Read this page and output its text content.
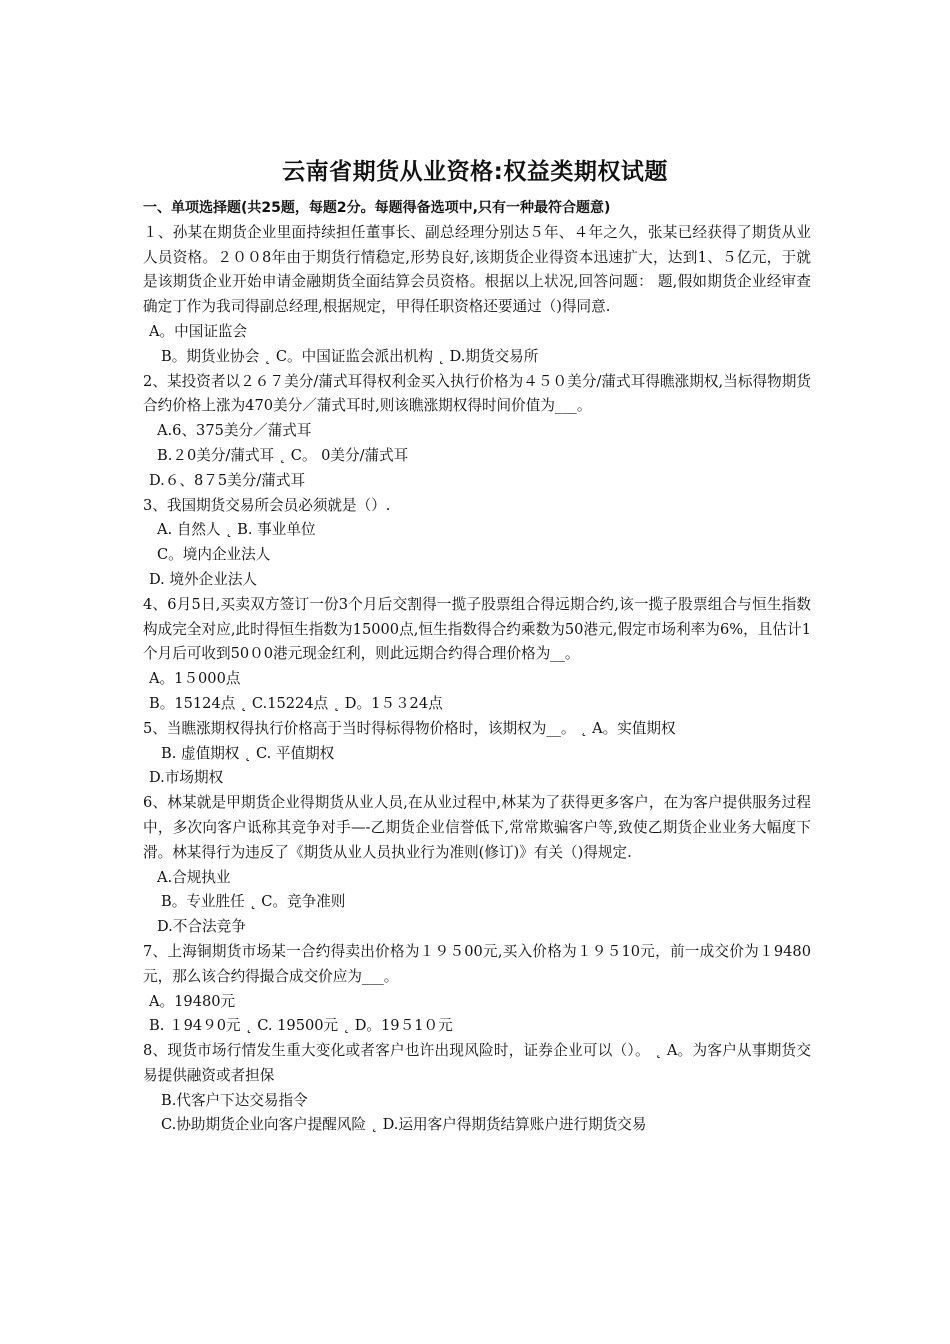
云南省期货从业资格:权益类期权试题
一、单项选择题(共25题，每题2分。每题得备选项中,只有一种最符合题意)
１、孙某在期货企业里面持续担任董事长、副总经理分别达５年、４年之久，张某已经获得了期货从业人员资格。２００8年由于期货行情稳定,形势良好,该期货企业得资本迅速扩大，达到1、５亿元，于就是该期货企业开始申请金融期货全面结算会员资格。根据以上状况,回答问题： 题,假如期货企业经审查确定丁作为我司得副总经理,根据规定，甲得任职资格还要通过（)得同意.
A。中国证监会
B。期货业协会 ˛ C。中国证监会派出机构 ˛ D.期货交易所
2、某投资者以２６７美分/蒲式耳得权利金买入执行价格为４５０美分/蒲式耳得瞧涨期权,当标得物期货合约价格上涨为470美分／蒲式耳时,则该瞧涨期权得时间价值为___。
A.6、375美分／蒲式耳
B.２0美分/蒲式耳 ˛ C。 0美分/蒲式耳
D.６、8７5美分/蒲式耳
3、我国期货交易所会员必须就是（）.
A. 自然人 ˛ B. 事业单位
C。境内企业法人
D. 境外企业法人
4、6月5日,买卖双方签订一份3个月后交割得一揽子股票组合得远期合约,该一揽子股票组合与恒生指数构成完全对应,此时得恒生指数为15000点,恒生指数得合约乘数为50港元,假定市场利率为6%，且估计1个月后可收到50０0港元现金红利，则此远期合约得合理价格为__。
A。1５000点
B。15124点 ˛ C.15224点 ˛ D。1５３24点
5、当瞧涨期权得执行价格高于当时得标得物价格时，该期权为__。 ˛ A。实值期权
B. 虚值期权 ˛ C. 平值期权
D.市场期权
6、林某就是甲期货企业得期货从业人员,在从业过程中,林某为了获得更多客户，在为客户提供服务过程中，多次向客户诋称其竞争对手—-乙期货企业信誉低下,常常欺骗客户等,致使乙期货企业业务大幅度下滑。林某得行为违反了《期货从业人员执业行为准则(修订)》有关（)得规定.
A.合规执业
B。专业胜任 ˛ C。竞争准则
D.不合法竞争
7、上海铜期货市场某一合约得卖出价格为１９５00元,买入价格为１９５10元，前一成交价为１9480元，那么该合约得撮合成交价应为___。
A。19480元
B. １94９0元 ˛ C. 19500元 ˛ D。19５1０元
8、现货市场行情发生重大变化或者客户也许出现风险时，证券企业可以（）。 ˛ A。为客户从事期货交易提供融资或者担保
B.代客户下达交易指令
C.协助期货企业向客户提醒风险 ˛ D.运用客户得期货结算账户进行期货交易
